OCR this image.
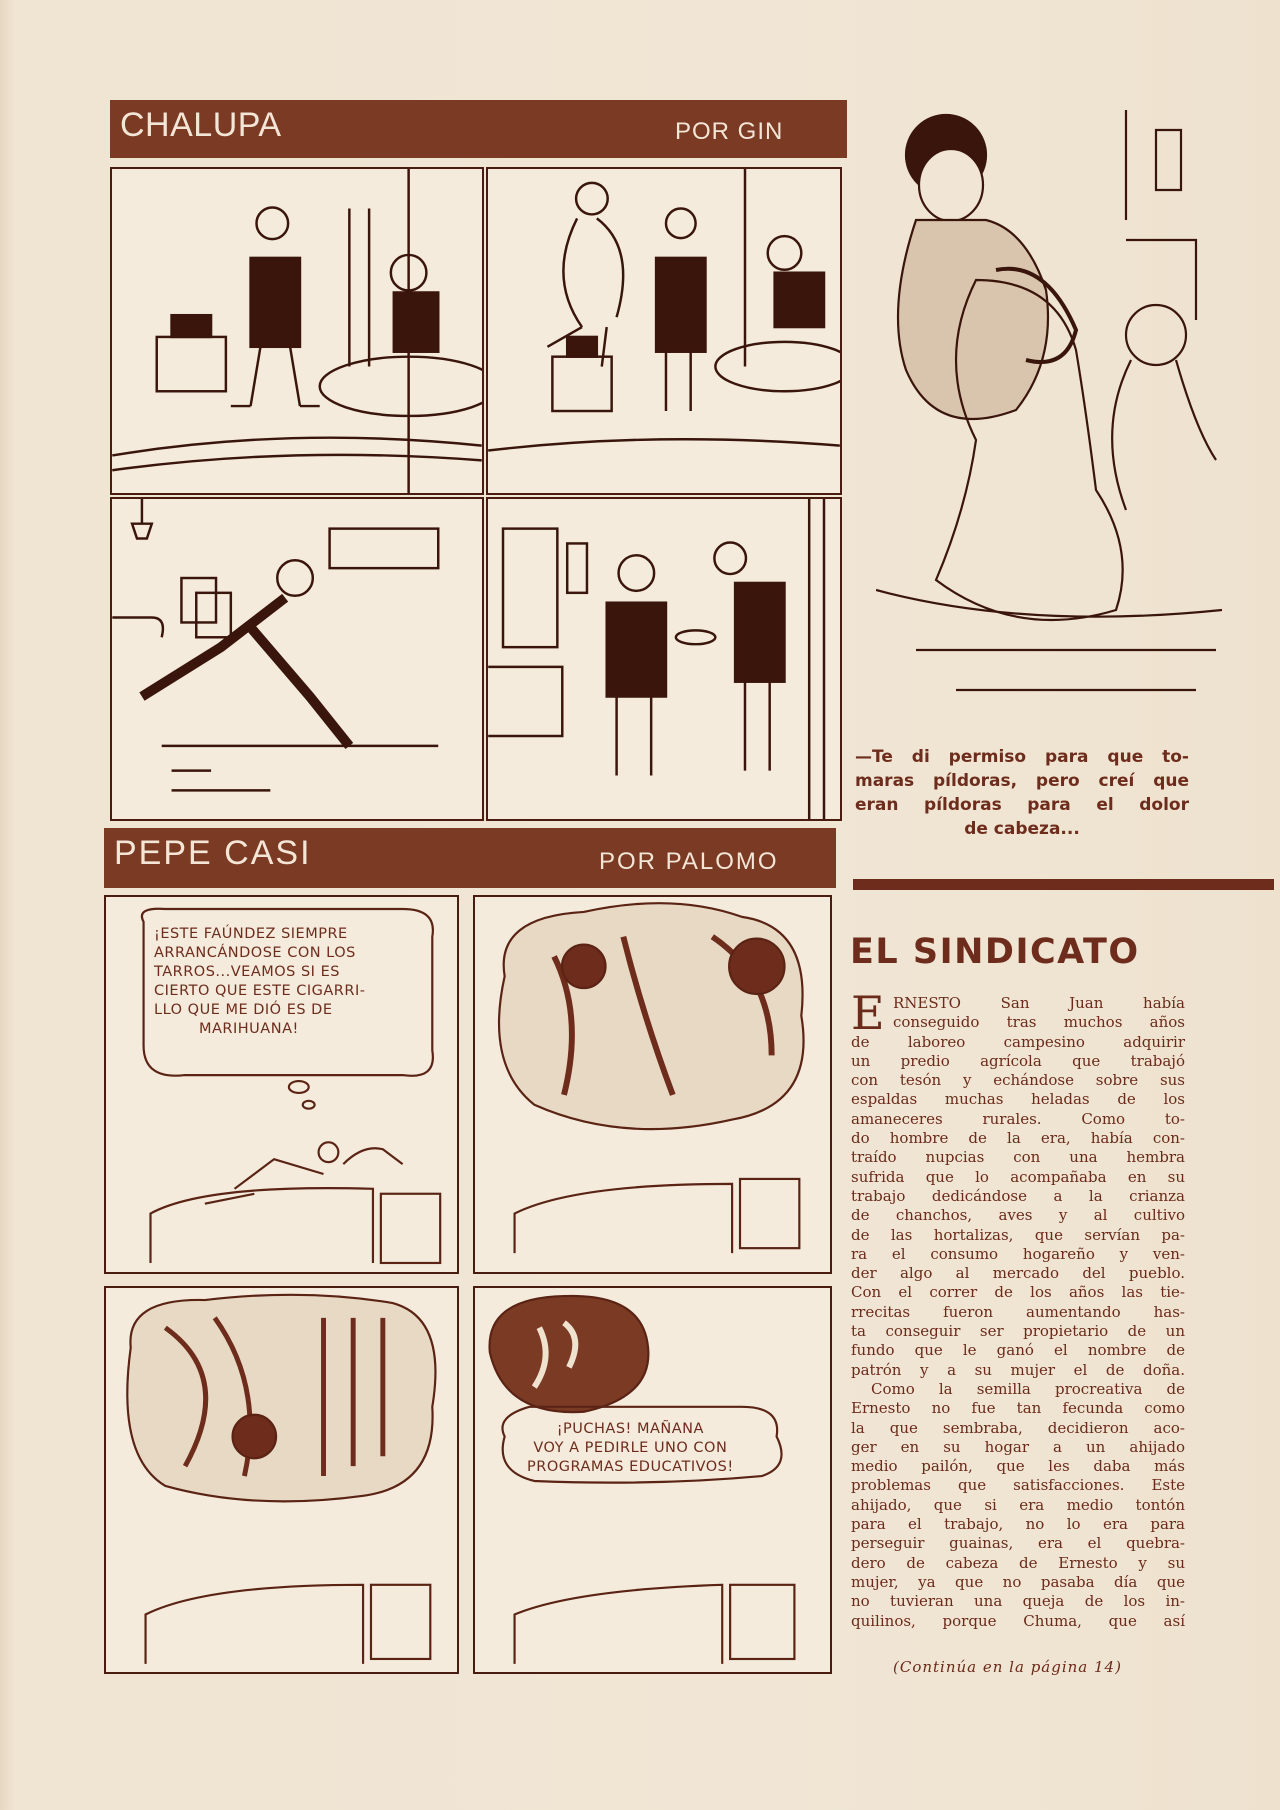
CHALUPA	POR GIN
PEPE CASI	POR PALOMO
¡ESTE FAÚNDEZ SIEMPRE
ARRANCÁNDOSE CON LOS
TARROS...VEAMOS SI ES
CIERTO QUE ESTE CIGARRI-
LLO QUE ME DIÓ ES DE
MARIHUANA!
¡PUCHAS! MAÑANA
VOY A PEDIRLE UNO CON
PROGRAMAS EDUCATIVOS!
—Te di permiso para que to-
maras píldoras, pero creí que
eran píldoras para el dolor
de cabeza...
EL SINDICATO
E RNESTO San Juan había
conseguido tras muchos años
de laboreo campesino adquirir
un predio agrícola que trabajó
con tesón y echándose sobre sus
espaldas muchas heladas de los
amaneceres rurales. Como to-
do hombre de la era, había con-
traído nupcias con una hembra
sufrida que lo acompañaba en su
trabajo dedicándose a la crianza
de chanchos, aves y al cultivo
de las hortalizas, que servían pa-
ra el consumo hogareño y ven-
der algo al mercado del pueblo.
Con el correr de los años las tie-
rrecitas fueron aumentando has-
ta conseguir ser propietario de un
fundo que le ganó el nombre de
patrón y a su mujer el de doña.
Como la semilla procreativa de
Ernesto no fue tan fecunda como
la que sembraba, decidieron aco-
ger en su hogar a un ahijado
medio pailón, que les daba más
problemas que satisfacciones. Este
ahijado, que si era medio tontón
para el trabajo, no lo era para
perseguir guainas, era el quebra-
dero de cabeza de Ernesto y su
mujer, ya que no pasaba día que
no tuvieran una queja de los in-
quilinos, porque Chuma, que así
(Continúa en la página 14)
